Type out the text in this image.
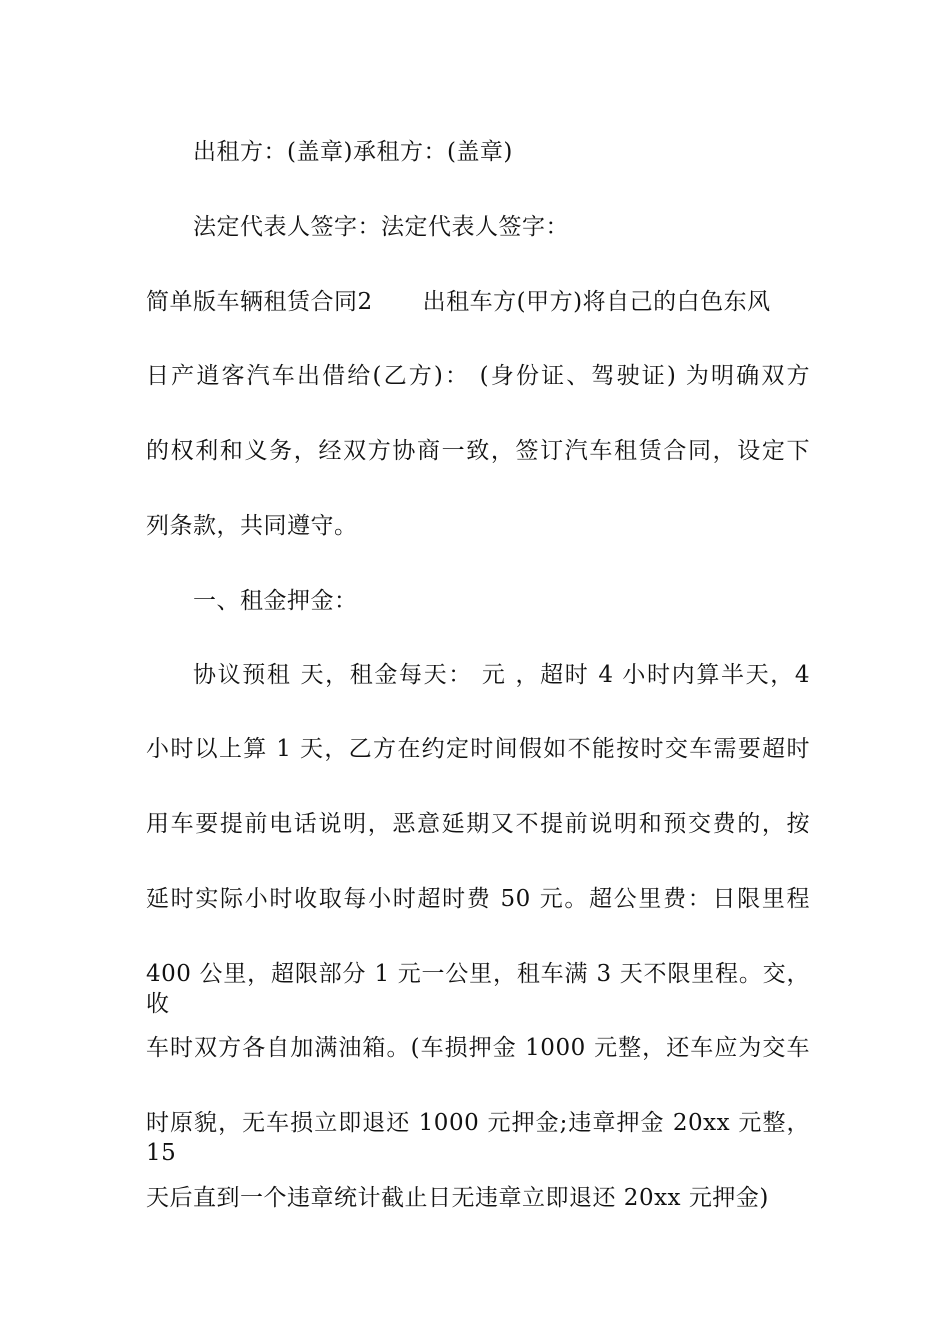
出租方：(盖章)承租方：(盖章)
法定代表人签字：法定代表人签字：
简单版车辆租赁合同2 出租车方(甲方)将自己的白色东风
日产逍客汽车出借给(乙方)： (身份证、驾驶证) 为明确双方
的权利和义务，经双方协商一致，签订汽车租赁合同，设定下
列条款，共同遵守。
一、租金押金：
协议预租 天，租金每天： 元 ，超时 4 小时内算半天，4
小时以上算 1 天，乙方在约定时间假如不能按时交车需要超时
用车要提前电话说明，恶意延期又不提前说明和预交费的，按
延时实际小时收取每小时超时费 50 元。超公里费：日限里程
400 公里，超限部分 1 元一公里，租车满 3 天不限里程。交，收
车时双方各自加满油箱。(车损押金 1000 元整，还车应为交车
时原貌，无车损立即退还 1000 元押金;违章押金 20xx 元整，15
天后直到一个违章统计截止日无违章立即退还 20xx 元押金)
